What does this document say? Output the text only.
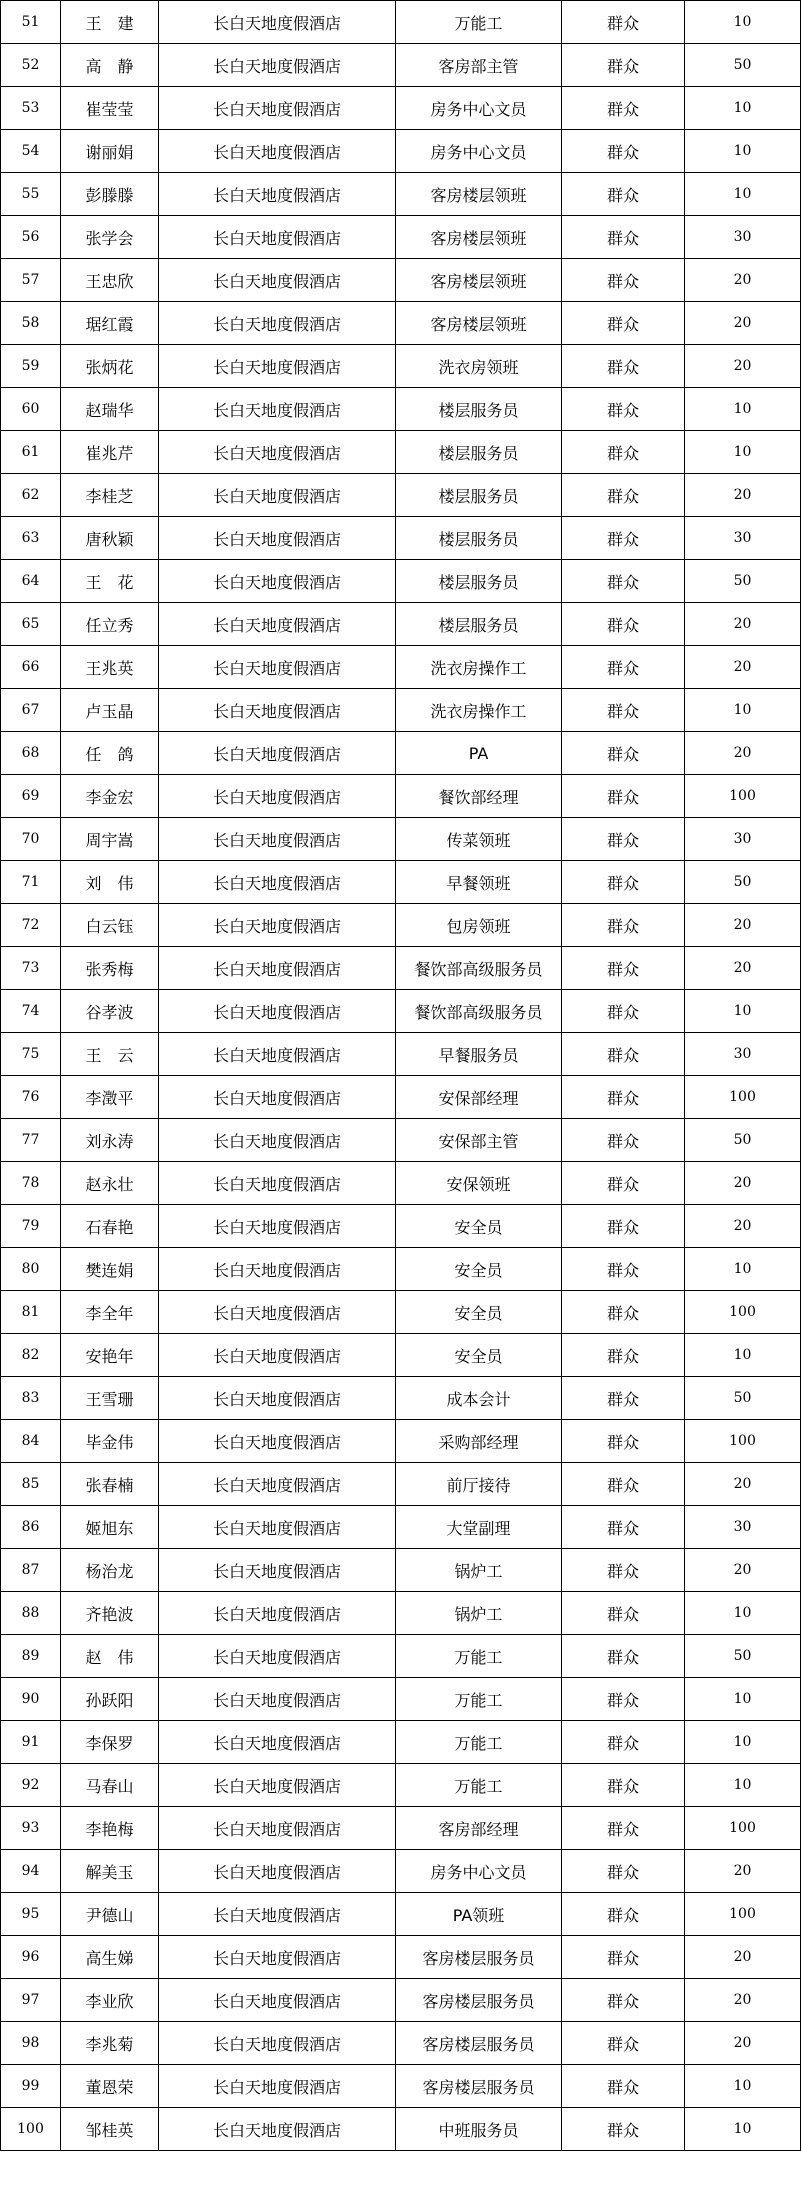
51	王　建	长白天地度假酒店	万能工	群众	10
52	高　静	长白天地度假酒店	客房部主管	群众	50
53	崔莹莹	长白天地度假酒店	房务中心文员	群众	10
54	谢丽娟	长白天地度假酒店	房务中心文员	群众	10
55	彭滕滕	长白天地度假酒店	客房楼层领班	群众	10
56	张学会	长白天地度假酒店	客房楼层领班	群众	30
57	王忠欣	长白天地度假酒店	客房楼层领班	群众	20
58	琚红霞	长白天地度假酒店	客房楼层领班	群众	20
59	张炳花	长白天地度假酒店	洗衣房领班	群众	20
60	赵瑞华	长白天地度假酒店	楼层服务员	群众	10
61	崔兆芹	长白天地度假酒店	楼层服务员	群众	10
62	李桂芝	长白天地度假酒店	楼层服务员	群众	20
63	唐秋颖	长白天地度假酒店	楼层服务员	群众	30
64	王　花	长白天地度假酒店	楼层服务员	群众	50
65	任立秀	长白天地度假酒店	楼层服务员	群众	20
66	王兆英	长白天地度假酒店	洗衣房操作工	群众	20
67	卢玉晶	长白天地度假酒店	洗衣房操作工	群众	10
68	任　鸽	长白天地度假酒店	PA	群众	20
69	李金宏	长白天地度假酒店	餐饮部经理	群众	100
70	周宇嵩	长白天地度假酒店	传菜领班	群众	30
71	刘　伟	长白天地度假酒店	早餐领班	群众	50
72	白云钰	长白天地度假酒店	包房领班	群众	20
73	张秀梅	长白天地度假酒店	餐饮部高级服务员	群众	20
74	谷孝波	长白天地度假酒店	餐饮部高级服务员	群众	10
75	王　云	长白天地度假酒店	早餐服务员	群众	30
76	李澂平	长白天地度假酒店	安保部经理	群众	100
77	刘永涛	长白天地度假酒店	安保部主管	群众	50
78	赵永壮	长白天地度假酒店	安保领班	群众	20
79	石春艳	长白天地度假酒店	安全员	群众	20
80	樊连娟	长白天地度假酒店	安全员	群众	10
81	李全年	长白天地度假酒店	安全员	群众	100
82	安艳年	长白天地度假酒店	安全员	群众	10
83	王雪珊	长白天地度假酒店	成本会计	群众	50
84	毕金伟	长白天地度假酒店	采购部经理	群众	100
85	张春楠	长白天地度假酒店	前厅接待	群众	20
86	姬旭东	长白天地度假酒店	大堂副理	群众	30
87	杨治龙	长白天地度假酒店	锅炉工	群众	20
88	齐艳波	长白天地度假酒店	锅炉工	群众	10
89	赵　伟	长白天地度假酒店	万能工	群众	50
90	孙跃阳	长白天地度假酒店	万能工	群众	10
91	李保罗	长白天地度假酒店	万能工	群众	10
92	马春山	长白天地度假酒店	万能工	群众	10
93	李艳梅	长白天地度假酒店	客房部经理	群众	100
94	解美玉	长白天地度假酒店	房务中心文员	群众	20
95	尹德山	长白天地度假酒店	PA领班	群众	100
96	高生娣	长白天地度假酒店	客房楼层服务员	群众	20
97	李业欣	长白天地度假酒店	客房楼层服务员	群众	20
98	李兆菊	长白天地度假酒店	客房楼层服务员	群众	20
99	董恩荣	长白天地度假酒店	客房楼层服务员	群众	10
100	邹桂英	长白天地度假酒店	中班服务员	群众	10
